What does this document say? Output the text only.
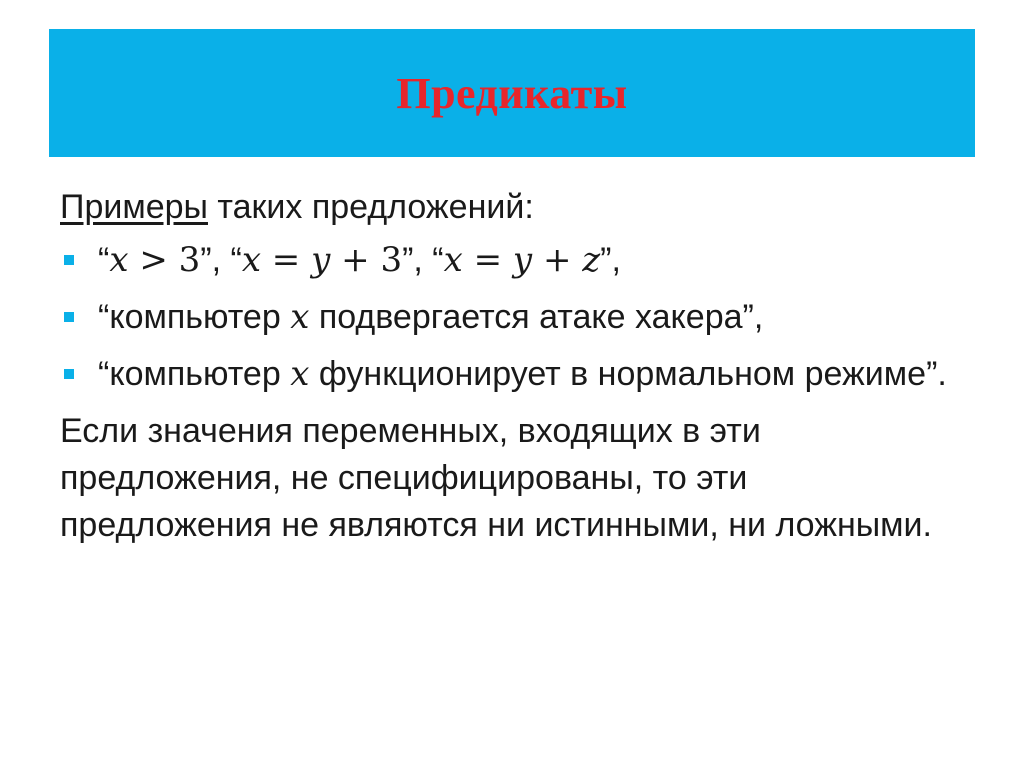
Предикаты
Примеры таких предложений:
“x > 3”, “x = y + 3”, “x = y + z”,
“компьютер x подвергается атаке хакера”,
“компьютер x функционирует в нормальном режиме”.
Если значения переменных, входящих в эти предложения, не специфицированы, то эти предложения не являются ни истинными, ни ложными.
